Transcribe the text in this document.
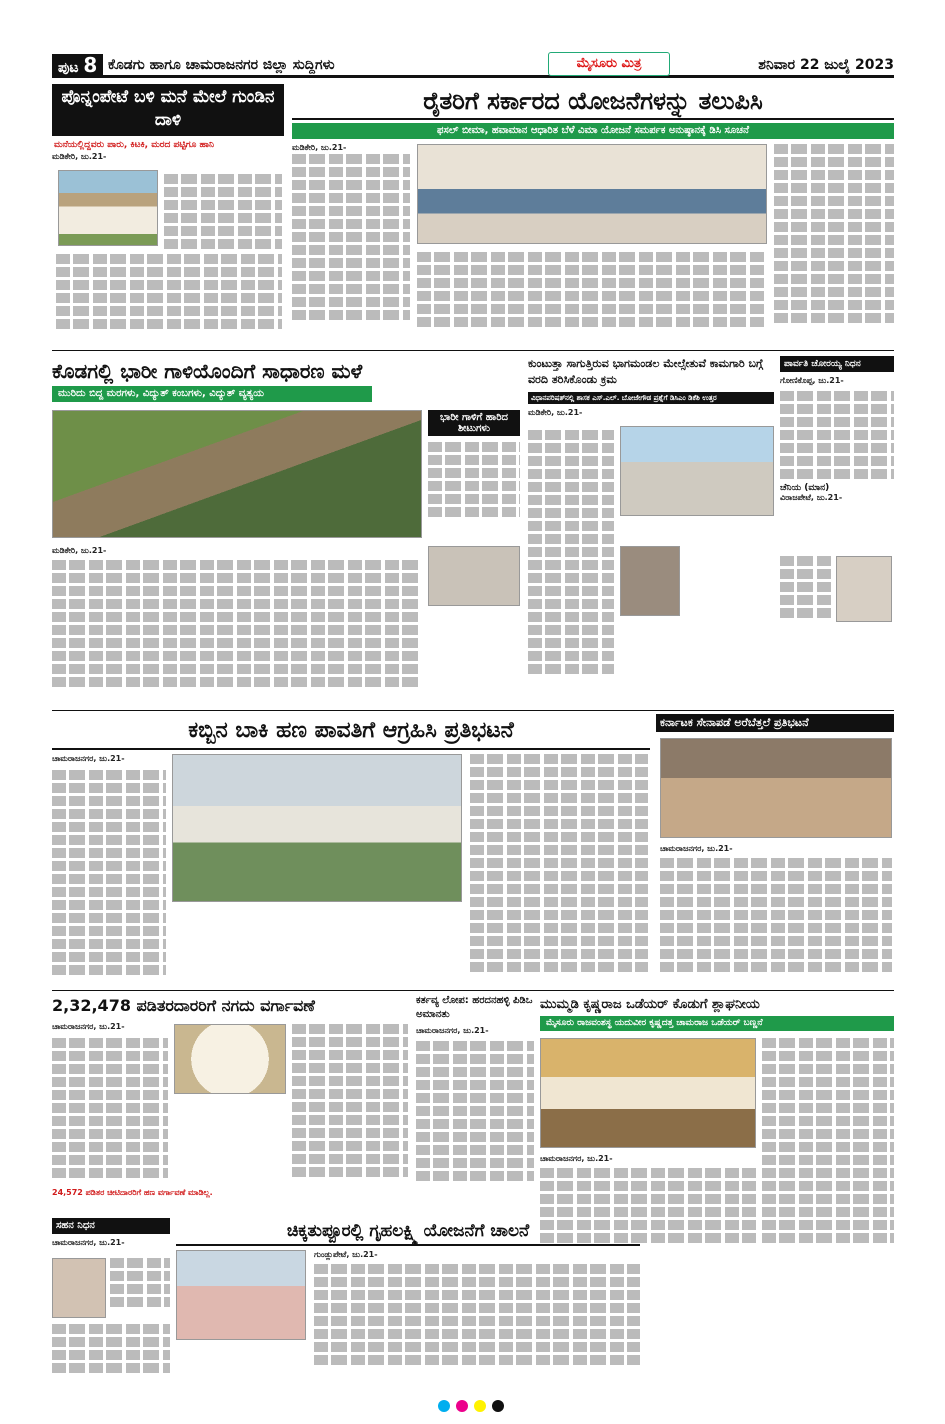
ಪುಟ 8 ಕೊಡಗು ಹಾಗೂ ಚಾಮರಾಜನಗರ ಜಿಲ್ಲಾ ಸುದ್ದಿಗಳು	ಮೈಸೂರು ಮಿತ್ರ	ಶನಿವಾರ 22 ಜುಲೈ 2023
ಪೊನ್ನಂಪೇಟೆ ಬಳಿ ಮನೆ ಮೇಲೆ ಗುಂಡಿನ ದಾಳಿ
ಮನೆಯಲ್ಲಿದ್ದವರು ಪಾರು, ಕಿಟಕಿ, ಮರದ ಪಟ್ಟಿಗೂ ಹಾನಿ
ಮಡಿಕೇರಿ, ಜು.21-
ರೈತರಿಗೆ ಸರ್ಕಾರದ ಯೋಜನೆಗಳನ್ನು ತಲುಪಿಸಿ
ಫಸಲ್ ಬೀಮಾ, ಹವಾಮಾನ ಆಧಾರಿತ ಬೆಳೆ ವಿಮಾ ಯೋಜನೆ ಸಮರ್ಪಕ ಅನುಷ್ಠಾನಕ್ಕೆ ಡಿಸಿ ಸೂಚನೆ
ಮಡಿಕೇರಿ, ಜು.21-
ಕೊಡಗಲ್ಲಿ ಭಾರೀ ಗಾಳಿಯೊಂದಿಗೆ ಸಾಧಾರಣ ಮಳೆ
ಮುರಿದು ಬಿದ್ದ ಮರಗಳು, ವಿದ್ಯುತ್ ಕಂಬಗಳು, ವಿದ್ಯುತ್ ವ್ಯತ್ಯಯ
ಭಾರೀ ಗಾಳಿಗೆ ಹಾರಿದ ಶೀಟುಗಳು
ಮಡಿಕೇರಿ, ಜು.21-
ಕುಂಟುತ್ತಾ ಸಾಗುತ್ತಿರುವ ಭಾಗಮಂಡಲ ಮೇಲ್ಸೇತುವೆ ಕಾಮಗಾರಿ ಬಗ್ಗೆ ವರದಿ ತರಿಸಿಕೊಂಡು ಕ್ರಮ
ವಿಧಾನಪರಿಷತ್‍ನಲ್ಲಿ ಶಾಸಕ ಎಸ್.ಎಲ್. ಬೋಜೇಗೌಡ ಪ್ರಶ್ನೆಗೆ ಡಿಸಿಎಂ ಡಿಕೆಶಿ ಉತ್ತರ
ಮಡಿಕೇರಿ, ಜು.21-
ಪಾರ್ವತಿ ಚೋರಯ್ಯ ನಿಧನ
ಗೋಣಿಕೊಪ್ಪ, ಜು.21-
ಚೆನಿಯ (ಮಾನ)
ವಿರಾಜಪೇಟೆ, ಜು.21-
ಕಬ್ಬಿನ ಬಾಕಿ ಹಣ ಪಾವತಿಗೆ ಆಗ್ರಹಿಸಿ ಪ್ರತಿಭಟನೆ
ಚಾಮರಾಜನಗರ, ಜು.21-
ಕರ್ನಾಟಕ ಸೇನಾಪಡೆ ಅರೆಬೆತ್ತಲೆ ಪ್ರತಿಭಟನೆ
ಚಾಮರಾಜನಗರ, ಜು.21-
2,32,478 ಪಡಿತರದಾರರಿಗೆ ನಗದು ವರ್ಗಾವಣೆ
ಚಾಮರಾಜನಗರ, ಜು.21-
24,572 ಪಡಿತರ ಚೀಟಿದಾರರಿಗೆ ಹಣ ವರ್ಗಾವಣೆ ಮಾಡಿಲ್ಲ.
ಕರ್ತವ್ಯ ಲೋಪ: ಹರದನಹಳ್ಳಿ ಪಿಡಿಒ ಅಮಾನತು
ಚಾಮರಾಜನಗರ, ಜು.21-
ಮುಮ್ಮಡಿ ಕೃಷ್ಣರಾಜ ಒಡೆಯರ್ ಕೊಡುಗೆ ಶ್ಲಾಘನೀಯ
ಮೈಸೂರು ರಾಜವಂಶಸ್ಥ ಯದುವೀರ ಕೃಷ್ಣದತ್ತ ಚಾಮರಾಜ ಒಡೆಯರ್ ಬಣ್ಣನೆ
ಚಾಮರಾಜನಗರ, ಜು.21-
ಸಹನ ನಿಧನ
ಚಾಮರಾಜನಗರ, ಜು.21-
ಚಿಕ್ಕತುಪ್ಪೂರಲ್ಲಿ ಗೃಹಲಕ್ಷ್ಮಿ ಯೋಜನೆಗೆ ಚಾಲನೆ
ಗುಂಡ್ಲುಪೇಟೆ, ಜು.21-
